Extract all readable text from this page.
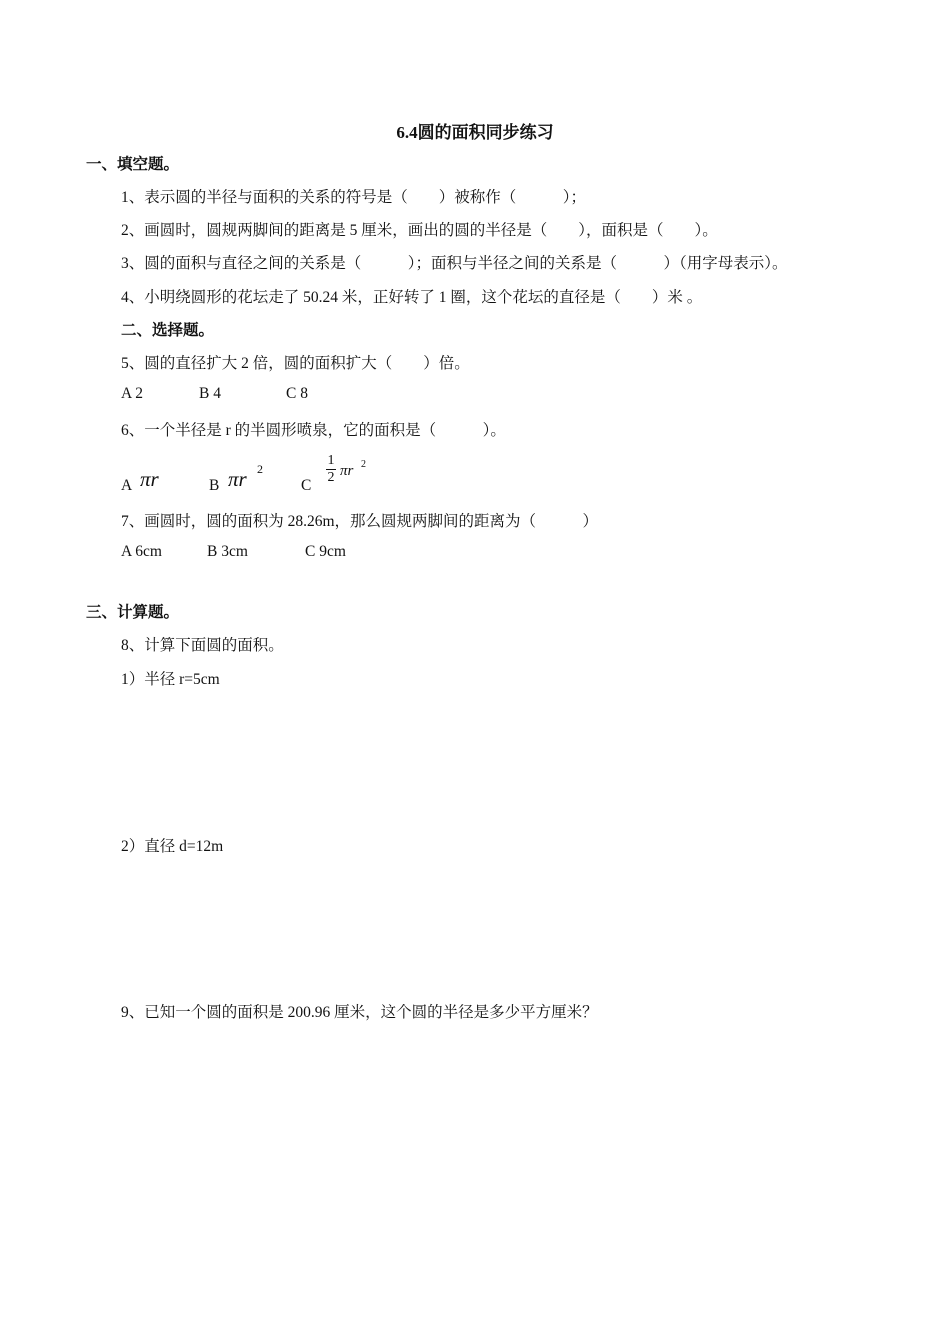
6.4圆的面积同步练习
一、填空题。
1、表示圆的半径与面积的关系的符号是（　　）被称作（　　　）；
2、画圆时，圆规两脚间的距离是 5 厘米，画出的圆的半径是（　　），面积是（　　）。
3、圆的面积与直径之间的关系是（　　　）；面积与半径之间的关系是（　　　）（用字母表示）。
4、小明绕圆形的花坛走了 50.24 米，正好转了 1 圈，这个花坛的直径是（　　）米 。
二、选择题。
5、圆的直径扩大 2 倍，圆的面积扩大（　　）倍。
A 2	B 4	C 8
6、一个半径是 r 的半圆形喷泉，它的面积是（　　　）。
A πr	B πr 2
C
$\frac{1}{2}$ πr 2
7、画圆时，圆的面积为 28.26m，那么圆规两脚间的距离为（　　　）
A 6cm	B 3cm	C 9cm
三、计算题。
8、计算下面圆的面积。
1）半径 r=5cm
2）直径 d=12m
9、已知一个圆的面积是 200.96 厘米，这个圆的半径是多少平方厘米？
